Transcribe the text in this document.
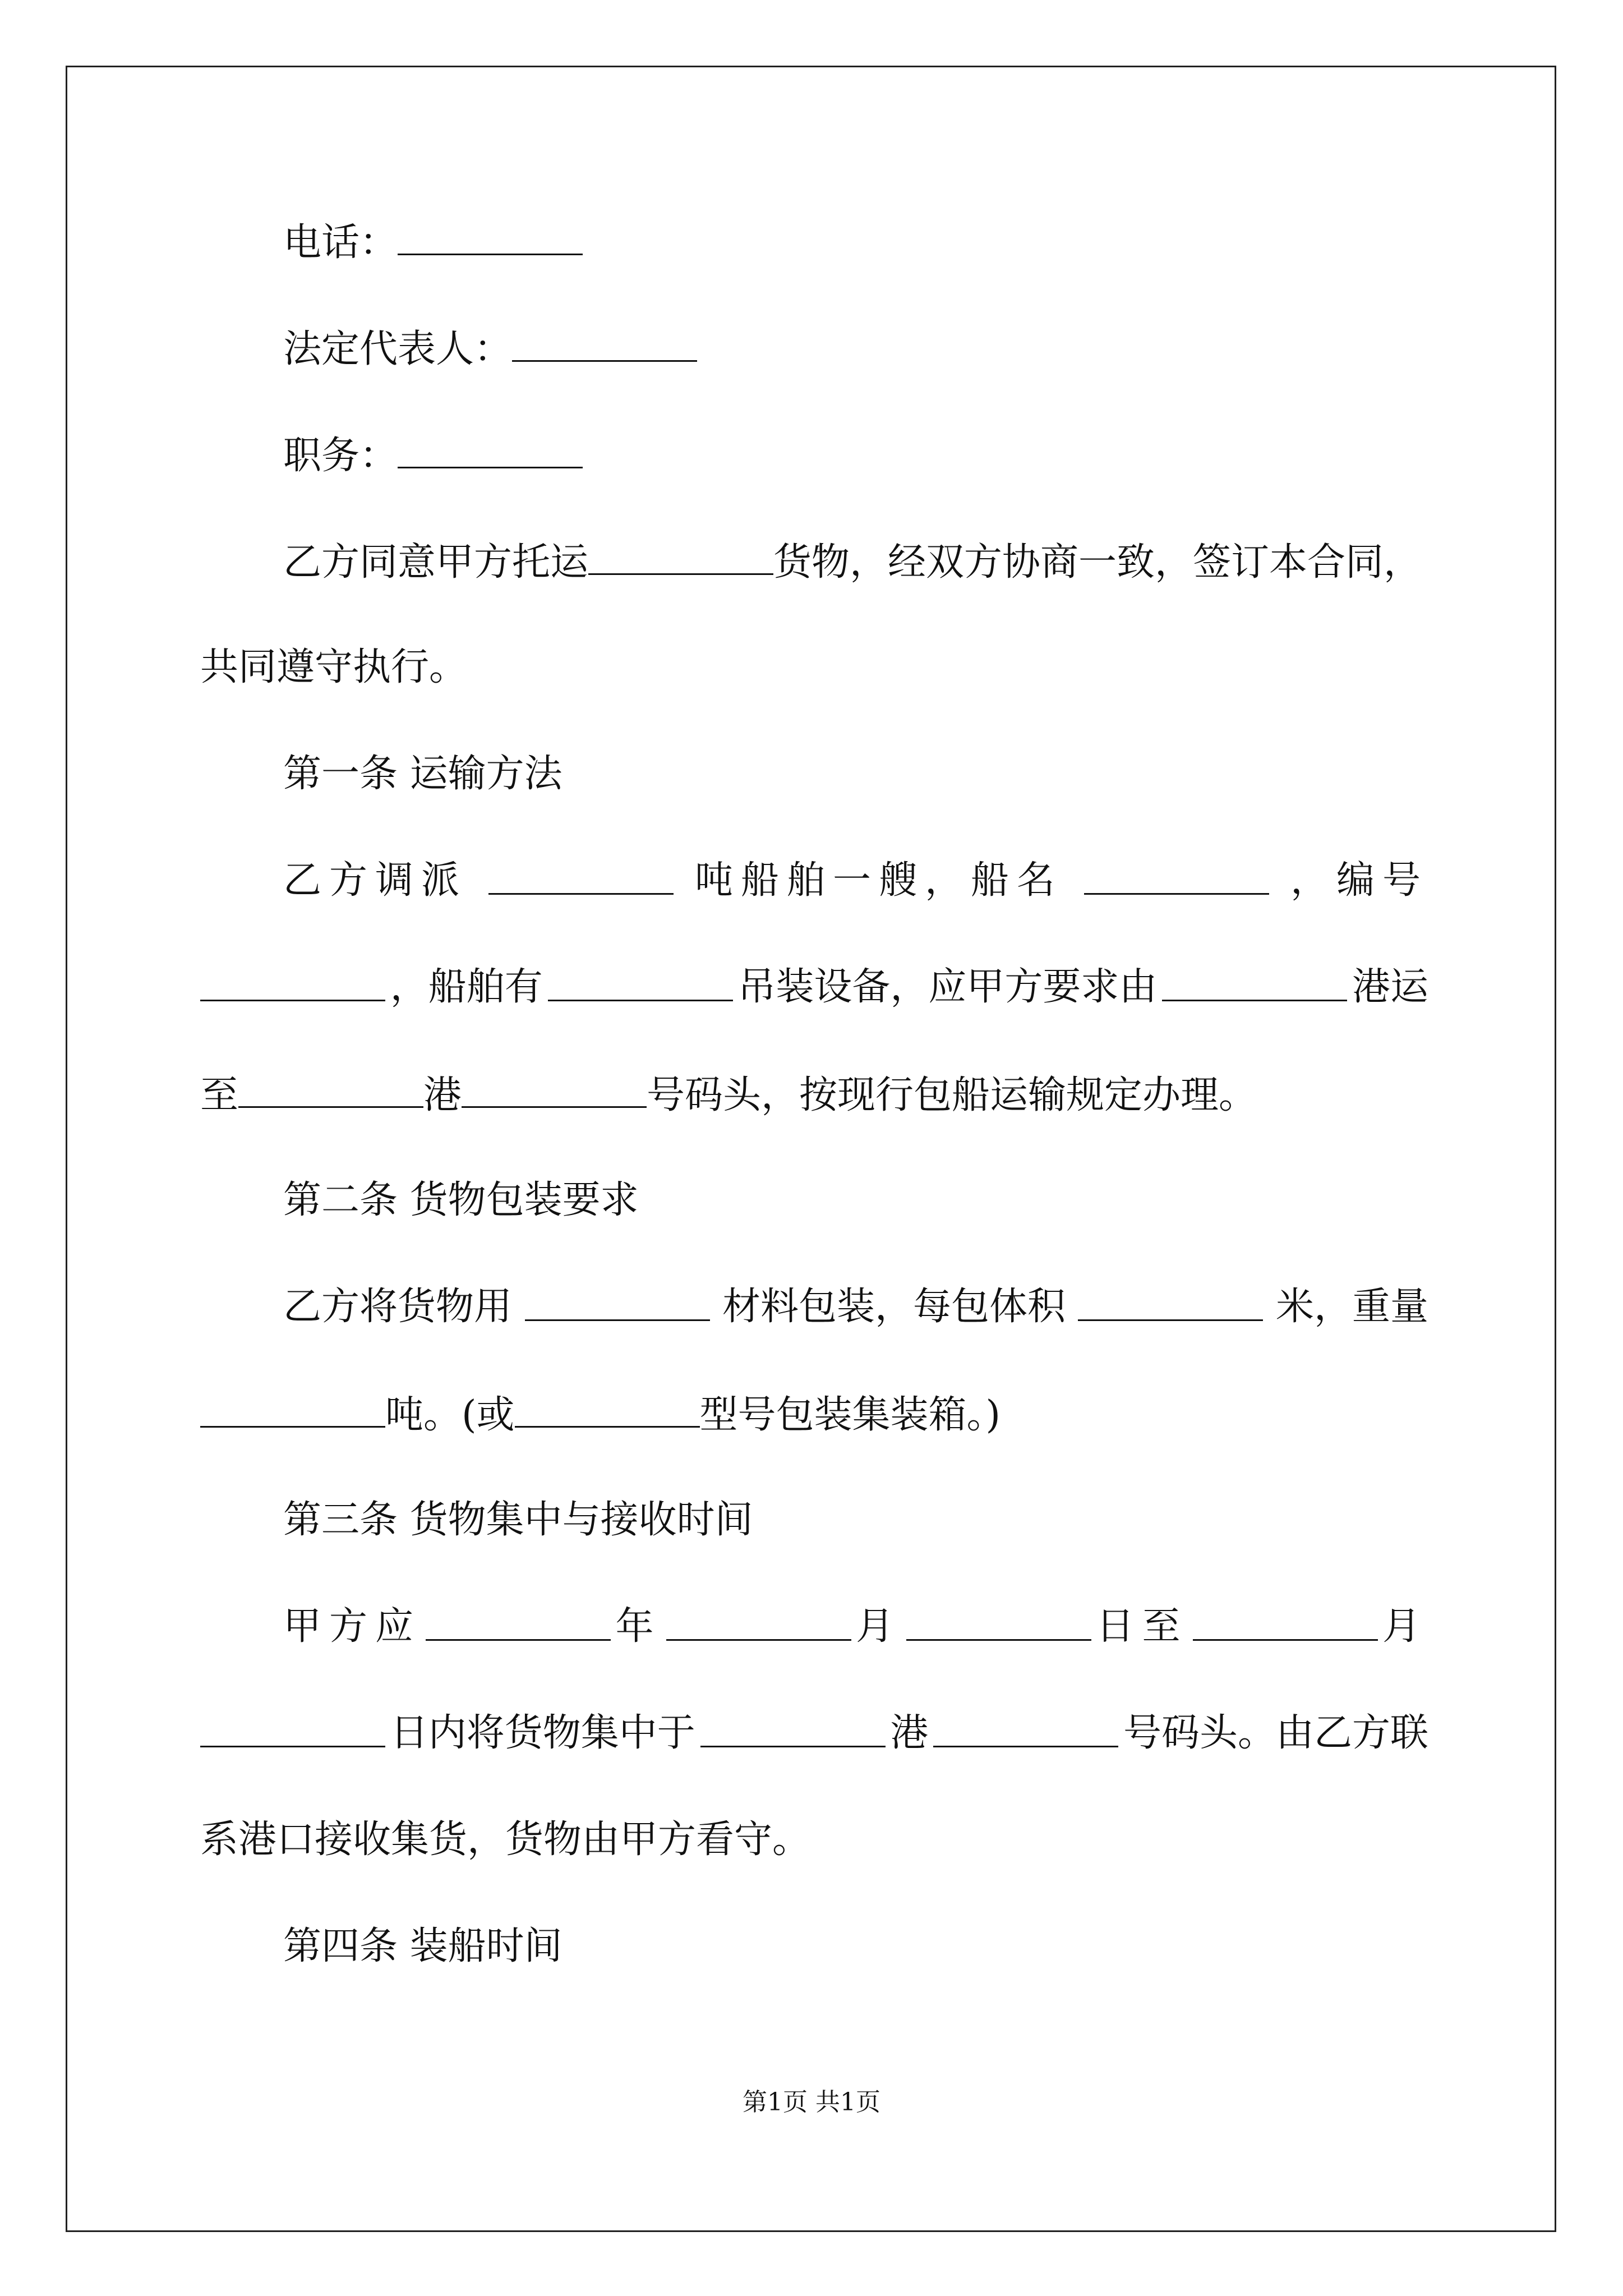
电话：
法定代表人：
职务：
乙方同意甲方托运	货物，经双方协商一致，签订本合同，
共同遵守执行。
第一条 运输方法
乙方调派	吨船舶一艘，船名	，编号
，船舶有	吊装设备，应甲方要求由	港运
至	港	号码头，按现行包船运输规定办理。
第二条 货物包装要求
乙方将货物用	材料包装，每包体积	米，重量
吨。(或	型号包装集装箱。)
第三条 货物集中与接收时间
甲方应	年	月	日至	月
日内将货物集中于	港	号码头。由乙方联
系港口接收集货，货物由甲方看守。
第四条 装船时间
第1页 共1页
